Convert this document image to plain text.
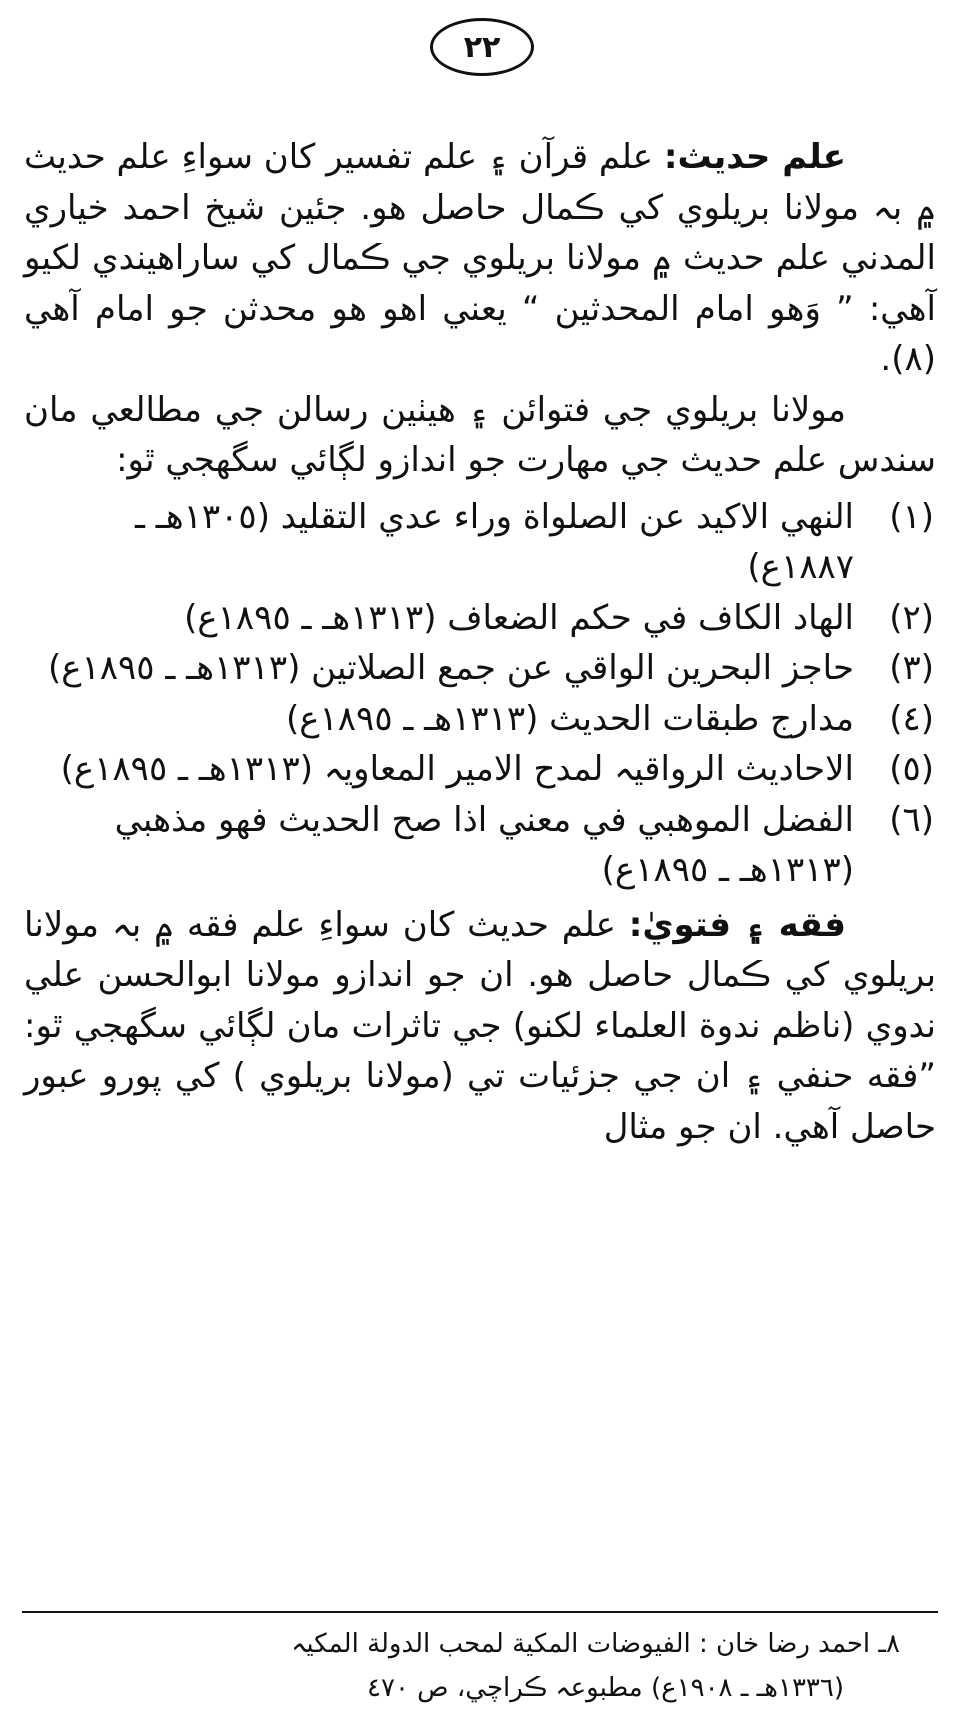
٢٢

علم حديث: علم قرآن ۽ علم تفسير کان سواءِ علم حديث ۾ بہ مولانا بريلوي کي ڪمال حاصل هو. جئين شيخ احمد خياري المدني علم حديث ۾ مولانا بريلوي جي ڪمال کي ساراهيندي لکيو آهي: ” وَهو امام المحدثين “ يعني اهو هو محدثن جو امام آهي (٨).

مولانا بريلوي جي فتوائن ۽ هيٺين رسالن جي مطالعي مان سندس علم حديث جي مهارت جو اندازو لڳائي سگهجي ٿو:

(١)
النهي الاكيد عن الصلواة وراء عدي التقليد (١٣٠٥هـ ـ ١٨٨٧ع)
(٢)
الهاد الكاف في حكم الضعاف (١٣١٣هـ ـ ١٨٩٥ع)
(٣)
حاجز البحرين الواقي عن جمع الصلاتين (١٣١٣هـ ـ ١٨٩٥ع)
(٤)
مدارج طبقات الحديث (١٣١٣هـ ـ ١٨٩٥ع)
(٥)
الاحاديث الرواقيہ لمدح الامير المعاويہ (١٣١٣هـ ـ ١٨٩٥ع)
(٦)
الفضل الموهبي في معني اذا صح الحديث فهو مذهبي (١٣١٣هـ ـ ١٨٩٥ع)

فقه ۽ فتويٰ: علم حديث کان سواءِ علم فقه ۾ بہ مولانا بريلوي کي ڪمال حاصل هو. ان جو اندازو مولانا ابوالحسن علي ندوي (ناظم ندوة العلماء لکنو) جي تاثرات مان لڳائي سگهجي ٿو: ”فقه حنفي ۽ ان جي جزئيات تي (مولانا بريلوي ) کي پورو عبور حاصل آهي. ان جو مثال

٨ـ احمد رضا خان : الفيوضات المكية لمحب الدولة المكيہ
(١٣٣٦هـ ـ ١٩٠٨ع) مطبوعہ ڪراچي، ص ٤٧٠
